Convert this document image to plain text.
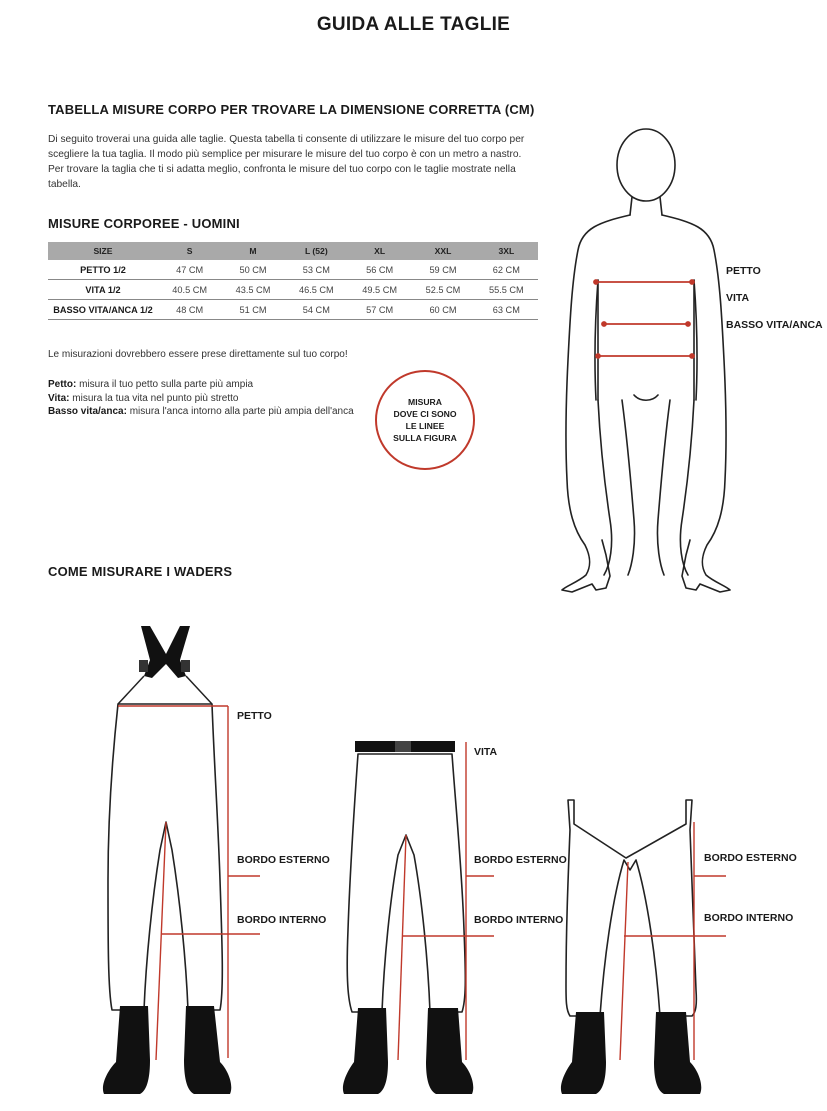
GUIDA ALLE TAGLIE
TABELLA MISURE CORPO PER TROVARE LA DIMENSIONE CORRETTA (CM)
Di seguito troverai una guida alle taglie. Questa tabella ti consente di utilizzare le misure del tuo corpo per scegliere la tua taglia. Il modo più semplice per misurare le misure del tuo corpo è con un metro a nastro. Per trovare la taglia che ti si adatta meglio, confronta le misure del tuo corpo con le taglie mostrate nella tabella.
MISURE CORPOREE - UOMINI
SIZE	S	M	L (52)	XL	XXL	3XL
PETTO 1/2	47 CM	50 CM	53 CM	56 CM	59 CM	62 CM
VITA 1/2	40.5 CM	43.5 CM	46.5 CM	49.5 CM	52.5 CM	55.5 CM
BASSO VITA/ANCA 1/2	48 CM	51 CM	54 CM	57 CM	60 CM	63 CM
Le misurazioni dovrebbero essere prese direttamente sul tuo corpo!
Petto: misura il tuo petto sulla parte più ampia
Vita: misura la tua vita nel punto più stretto
Basso vita/anca: misura l'anca intorno alla parte più ampia dell'anca
MISURA
DOVE CI SONO
LE LINEE
SULLA FIGURA
PETTO
VITA
BASSO VITA/ANCA
COME MISURARE I WADERS
PETTO
BORDO ESTERNO
BORDO INTERNO
VITA
BORDO ESTERNO
BORDO INTERNO
BORDO ESTERNO
BORDO INTERNO
